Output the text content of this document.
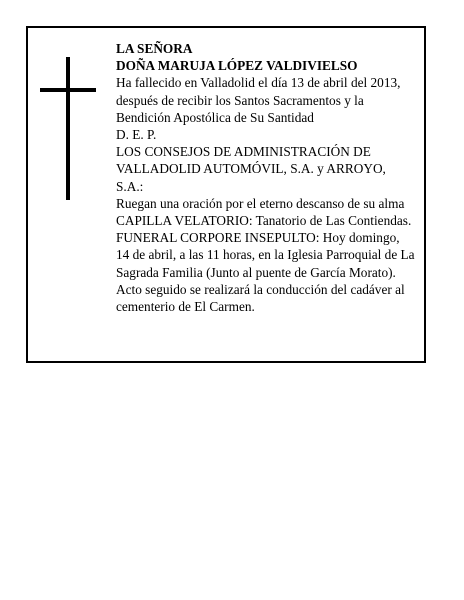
LA SEÑORA
DOÑA MARUJA LÓPEZ VALDIVIELSO
Ha fallecido en Valladolid el día 13 de abril del 2013,
después de recibir los Santos Sacramentos y la
Bendición Apostólica de Su Santidad
D. E. P.
LOS CONSEJOS DE ADMINISTRACIÓN DE
VALLADOLID AUTOMÓVIL, S.A. y ARROYO,
S.A.:
Ruegan una oración por el eterno descanso de su alma
CAPILLA VELATORIO: Tanatorio de Las Contiendas.
FUNERAL CORPORE INSEPULTO: Hoy domingo,
14 de abril, a las 11 horas, en la Iglesia Parroquial de La
Sagrada Familia (Junto al puente de García Morato).
Acto seguido se realizará la conducción del cadáver al
cementerio de El Carmen.
